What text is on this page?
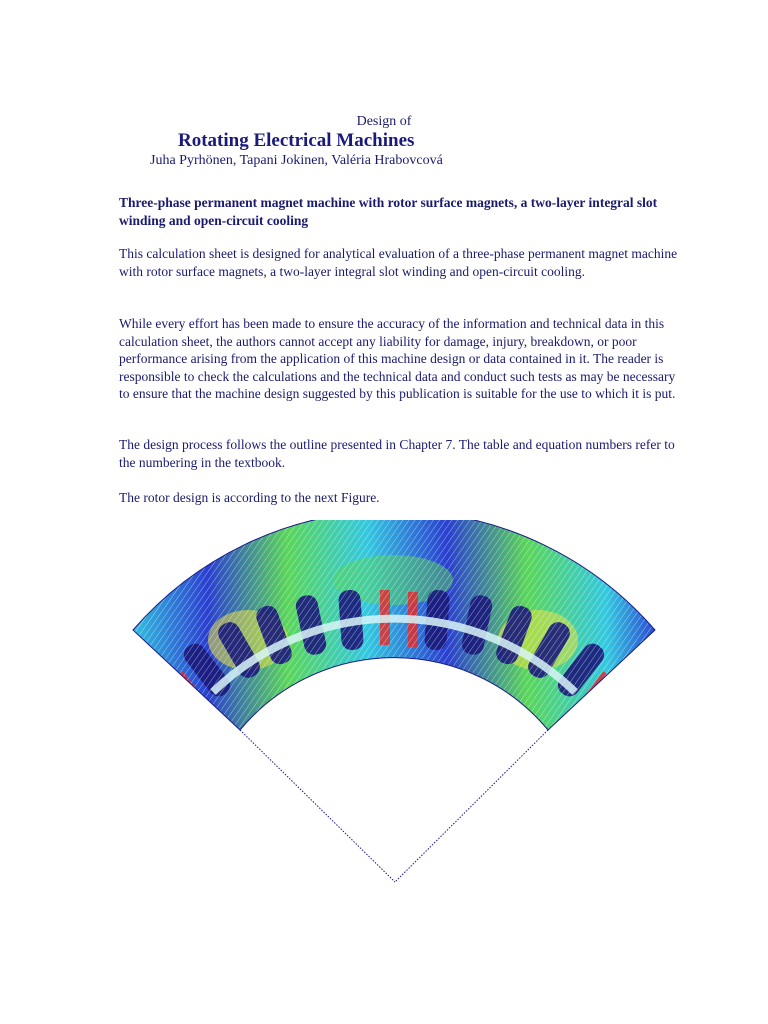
Design of
Rotating Electrical Machines
Juha Pyrhönen, Tapani Jokinen, Valéria Hrabovcová
Three-phase permanent magnet machine with rotor surface magnets, a two-layer integral slot winding and open-circuit cooling
This calculation sheet is designed for analytical evaluation of a three-phase permanent magnet machine with rotor surface magnets, a two-layer integral slot winding and open-circuit cooling.
While every effort has been made to ensure the accuracy of the information and technical data in this calculation sheet, the authors cannot accept any liability for damage, injury, breakdown, or poor performance arising from the application of this machine design or data contained in it. The reader is responsible to check the calculations and the technical data and conduct such tests as may be necessary to ensure that the machine design suggested by this publication is suitable for the use to which it is put.
The design process follows the outline presented in Chapter 7. The table and equation numbers refer to the numbering in the textbook.
The rotor design is according to the next Figure.
